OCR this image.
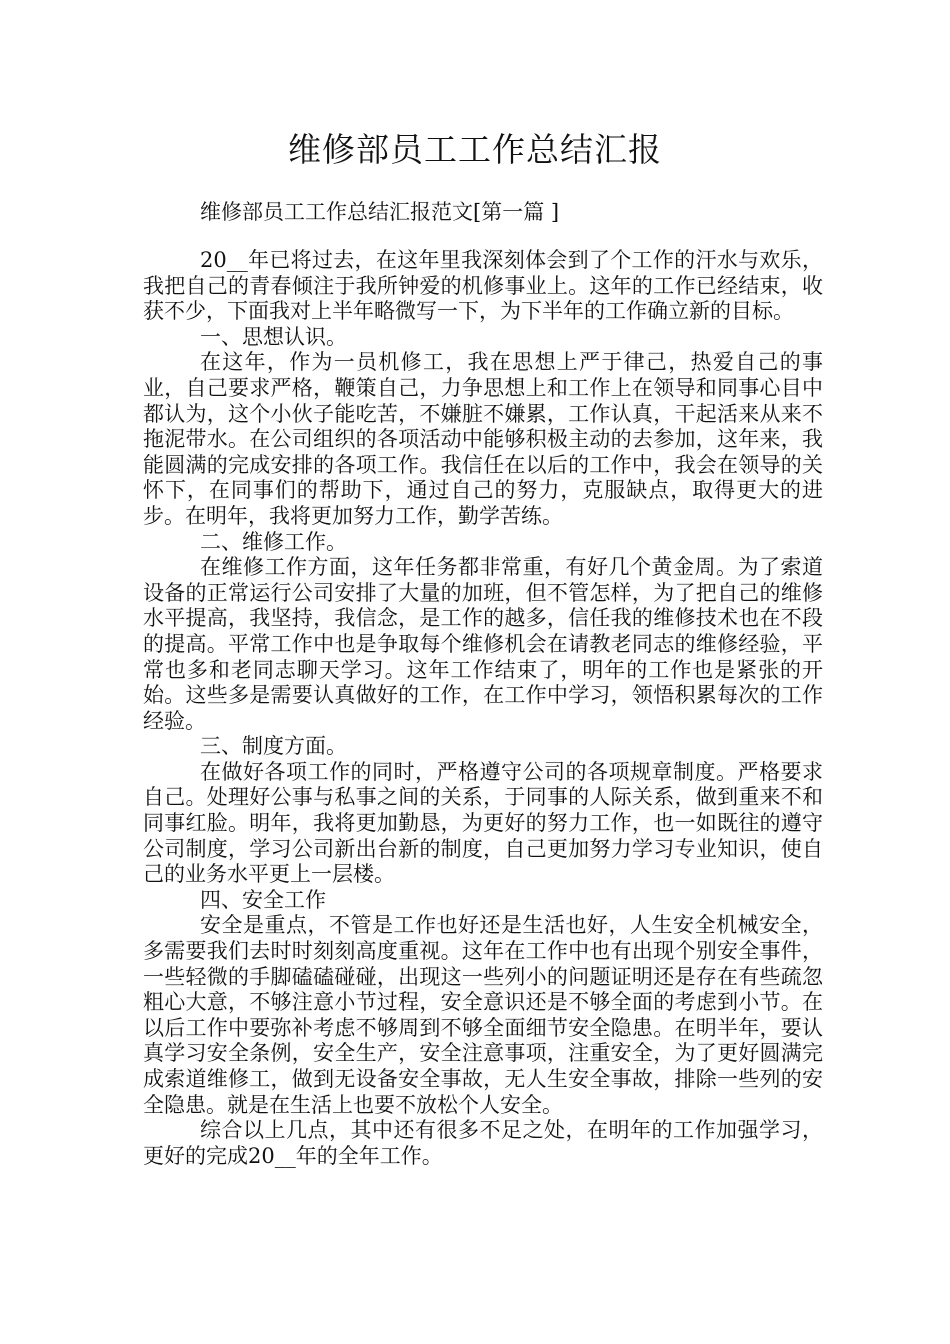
维修部员工工作总结汇报
维修部员工工作总结汇报范文[第一篇 ]

20__年已将过去，在这年里我深刻体会到了个工作的汗水与欢乐，我把自己的青春倾注于我所钟爱的机修事业上。这年的工作已经结束，收获不少，下面我对上半年略微写一下，为下半年的工作确立新的目标。

一、思想认识。

在这年，作为一员机修工，我在思想上严于律己，热爱自己的事业，自己要求严格，鞭策自己，力争思想上和工作上在领导和同事心目中都认为，这个小伙子能吃苦，不嫌脏不嫌累，工作认真，干起活来从来不拖泥带水。在公司组织的各项活动中能够积极主动的去参加，这年来，我能圆满的完成安排的各项工作。我信任在以后的工作中，我会在领导的关怀下，在同事们的帮助下，通过自己的努力，克服缺点，取得更大的进步。在明年，我将更加努力工作，勤学苦练。

二、维修工作。

在维修工作方面，这年任务都非常重，有好几个黄金周。为了索道设备的正常运行公司安排了大量的加班，但不管怎样，为了把自己的维修水平提高，我坚持，我信念，是工作的越多，信任我的维修技术也在不段的提高。平常工作中也是争取每个维修机会在请教老同志的维修经验，平常也多和老同志聊天学习。这年工作结束了，明年的工作也是紧张的开始。这些多是需要认真做好的工作，在工作中学习，领悟积累每次的工作经验。

三、制度方面。

在做好各项工作的同时，严格遵守公司的各项规章制度。严格要求自己。处理好公事与私事之间的关系，于同事的人际关系，做到重来不和同事红脸。明年，我将更加勤恳，为更好的努力工作，也一如既往的遵守公司制度，学习公司新出台新的制度，自己更加努力学习专业知识，使自己的业务水平更上一层楼。

四、安全工作

安全是重点，不管是工作也好还是生活也好，人生安全机械安全，多需要我们去时时刻刻高度重视。这年在工作中也有出现个别安全事件，一些轻微的手脚磕磕碰碰，出现这一些列小的问题证明还是存在有些疏忽粗心大意，不够注意小节过程，安全意识还是不够全面的考虑到小节。在以后工作中要弥补考虑不够周到不够全面细节安全隐患。在明半年，要认真学习安全条例，安全生产，安全注意事项，注重安全，为了更好圆满完成索道维修工，做到无设备安全事故，无人生安全事故，排除一些列的安全隐患。就是在生活上也要不放松个人安全。

综合以上几点，其中还有很多不足之处，在明年的工作加强学习，更好的完成20__年的全年工作。
